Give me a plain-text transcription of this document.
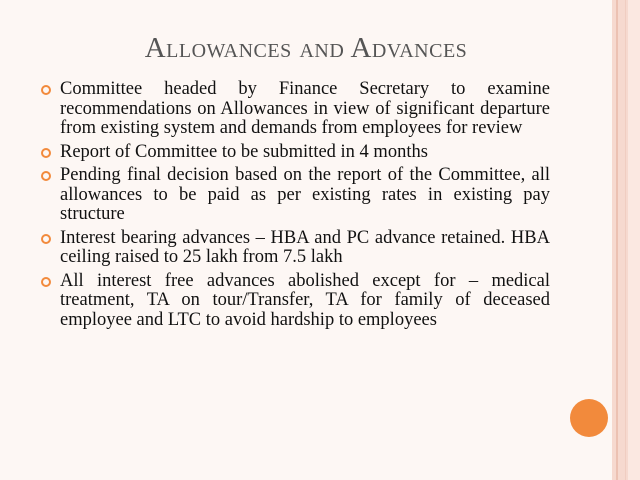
Allowances and Advances
Committee headed by Finance Secretary to examine recommendations on Allowances in view of significant departure from existing system and demands from employees for review
Report of Committee to be submitted in 4 months
Pending final decision based on the report of the Committee, all allowances to be paid as per existing rates in existing pay structure
Interest bearing advances – HBA and PC advance retained. HBA ceiling raised to 25 lakh from 7.5 lakh
All interest free advances abolished except for – medical treatment, TA on tour/Transfer, TA for family of deceased employee and LTC to avoid hardship to employees
